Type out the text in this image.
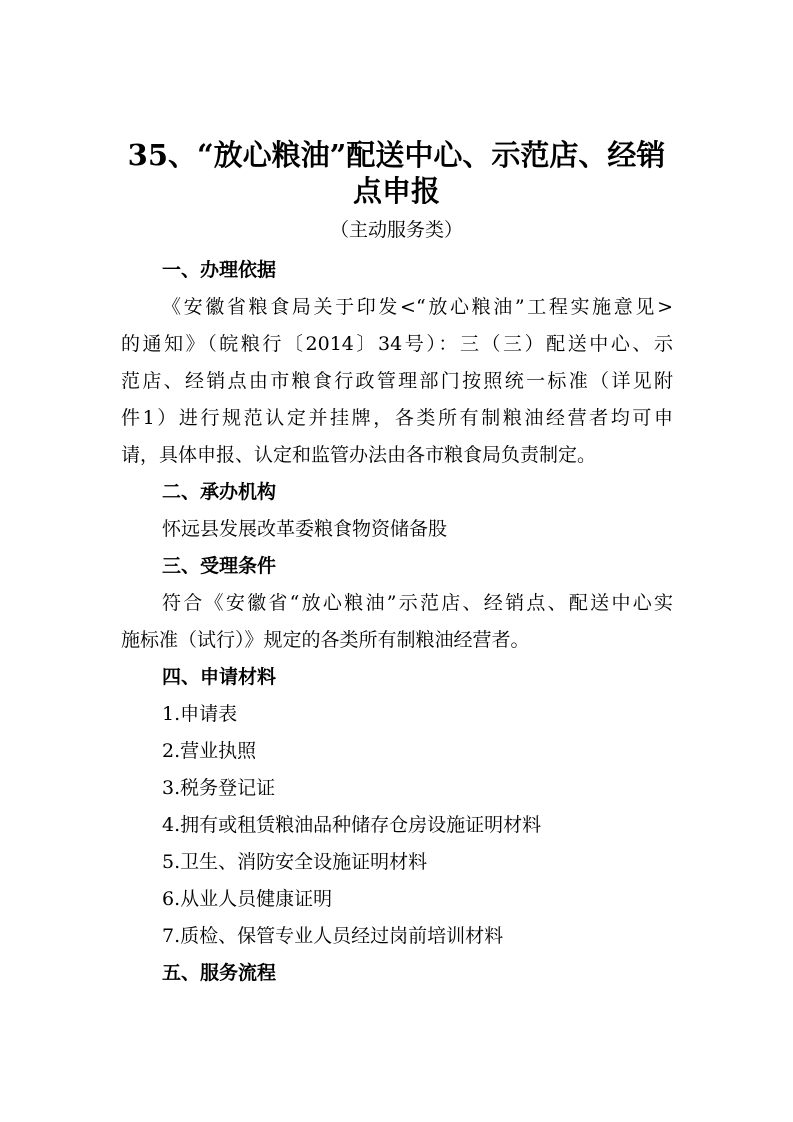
35、“放心粮油”配送中心、示范店、经销
点申报
（主动服务类）
一、办理依据
《安徽省粮食局关于印发<“放心粮油”工程实施意见>
的通知》（皖粮行〔2014〕34号）：三（三）配送中心、示
范店、经销点由市粮食行政管理部门按照统一标准（详见附
件1）进行规范认定并挂牌，各类所有制粮油经营者均可申
请，具体申报、认定和监管办法由各市粮食局负责制定。
二、承办机构
怀远县发展改革委粮食物资储备股
三、受理条件
符合《安徽省“放心粮油”示范店、经销点、配送中心实
施标准（试行）》规定的各类所有制粮油经营者。
四、申请材料
1.申请表
2.营业执照
3.税务登记证
4.拥有或租赁粮油品种储存仓房设施证明材料
5.卫生、消防安全设施证明材料
6.从业人员健康证明
7.质检、保管专业人员经过岗前培训材料
五、服务流程
